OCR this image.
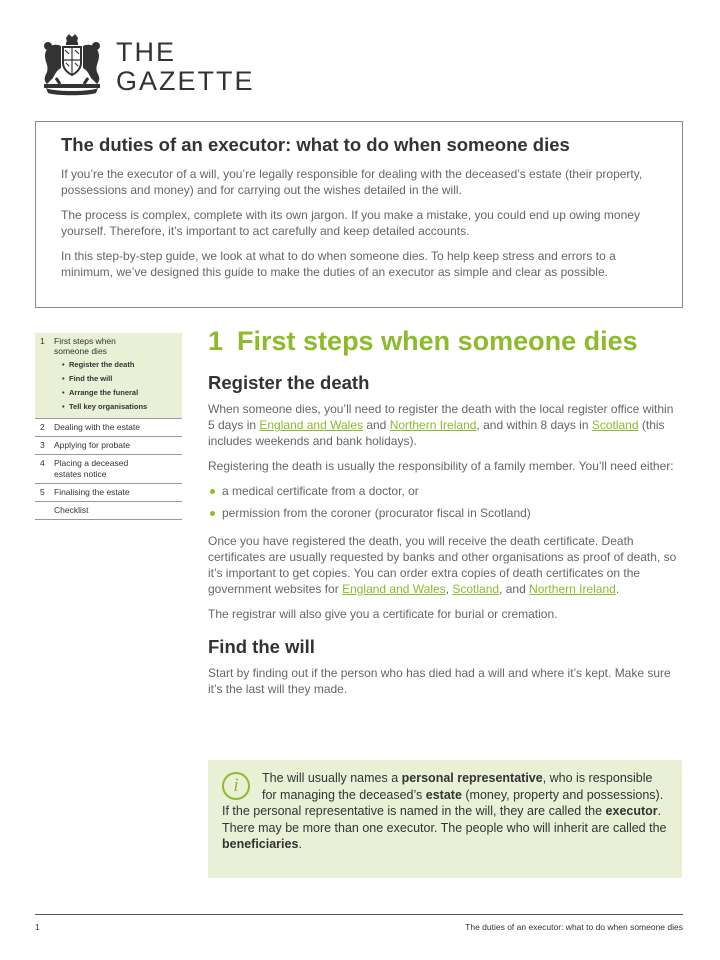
THE
GAZETTE
The duties of an executor: what to do when someone dies

If you’re the executor of a will, you’re legally responsible for dealing with the deceased’s estate (their property, possessions and money) and for carrying out the wishes detailed in the will.

The process is complex, complete with its own jargon. If you make a mistake, you could end up owing money yourself. Therefore, it’s important to act carefully and keep detailed accounts.

In this step-by-step guide, we look at what to do when someone dies. To help keep stress and errors to a minimum, we’ve designed this guide to make the duties of an executor as simple and clear as possible.

1	First steps when someone dies
• Register the death
• Find the will
• Arrange the funeral
• Tell key organisations
2	Dealing with the estate
3	Applying for probate
4	Placing a deceased estates notice
5	Finalising the estate
Checklist
1 First steps when someone dies
Register the death

When someone dies, you’ll need to register the death with the local register office within 5 days in England and Wales and Northern Ireland, and within 8 days in Scotland (this includes weekends and bank holidays).

Registering the death is usually the responsibility of a family member. You’ll need either:

a medical certificate from a doctor, or
permission from the coroner (procurator fiscal in Scotland)

Once you have registered the death, you will receive the death certificate. Death certificates are usually requested by banks and other organisations as proof of death, so it’s important to get copies. You can order extra copies of death certificates on the government websites for England and Wales, Scotland, and Northern Ireland.

The registrar will also give you a certificate for burial or cremation.

Find the will

Start by finding out if the person who has died had a will and where it’s kept. Make sure it’s the last will they made.

i	The will usually names a personal representative, who is responsible for managing the deceased’s estate (money, property and possessions). If the personal representative is named in the will, they are called the executor. There may be more than one executor. The people who will inherit are called the beneficiaries.
1	The duties of an executor: what to do when someone dies
